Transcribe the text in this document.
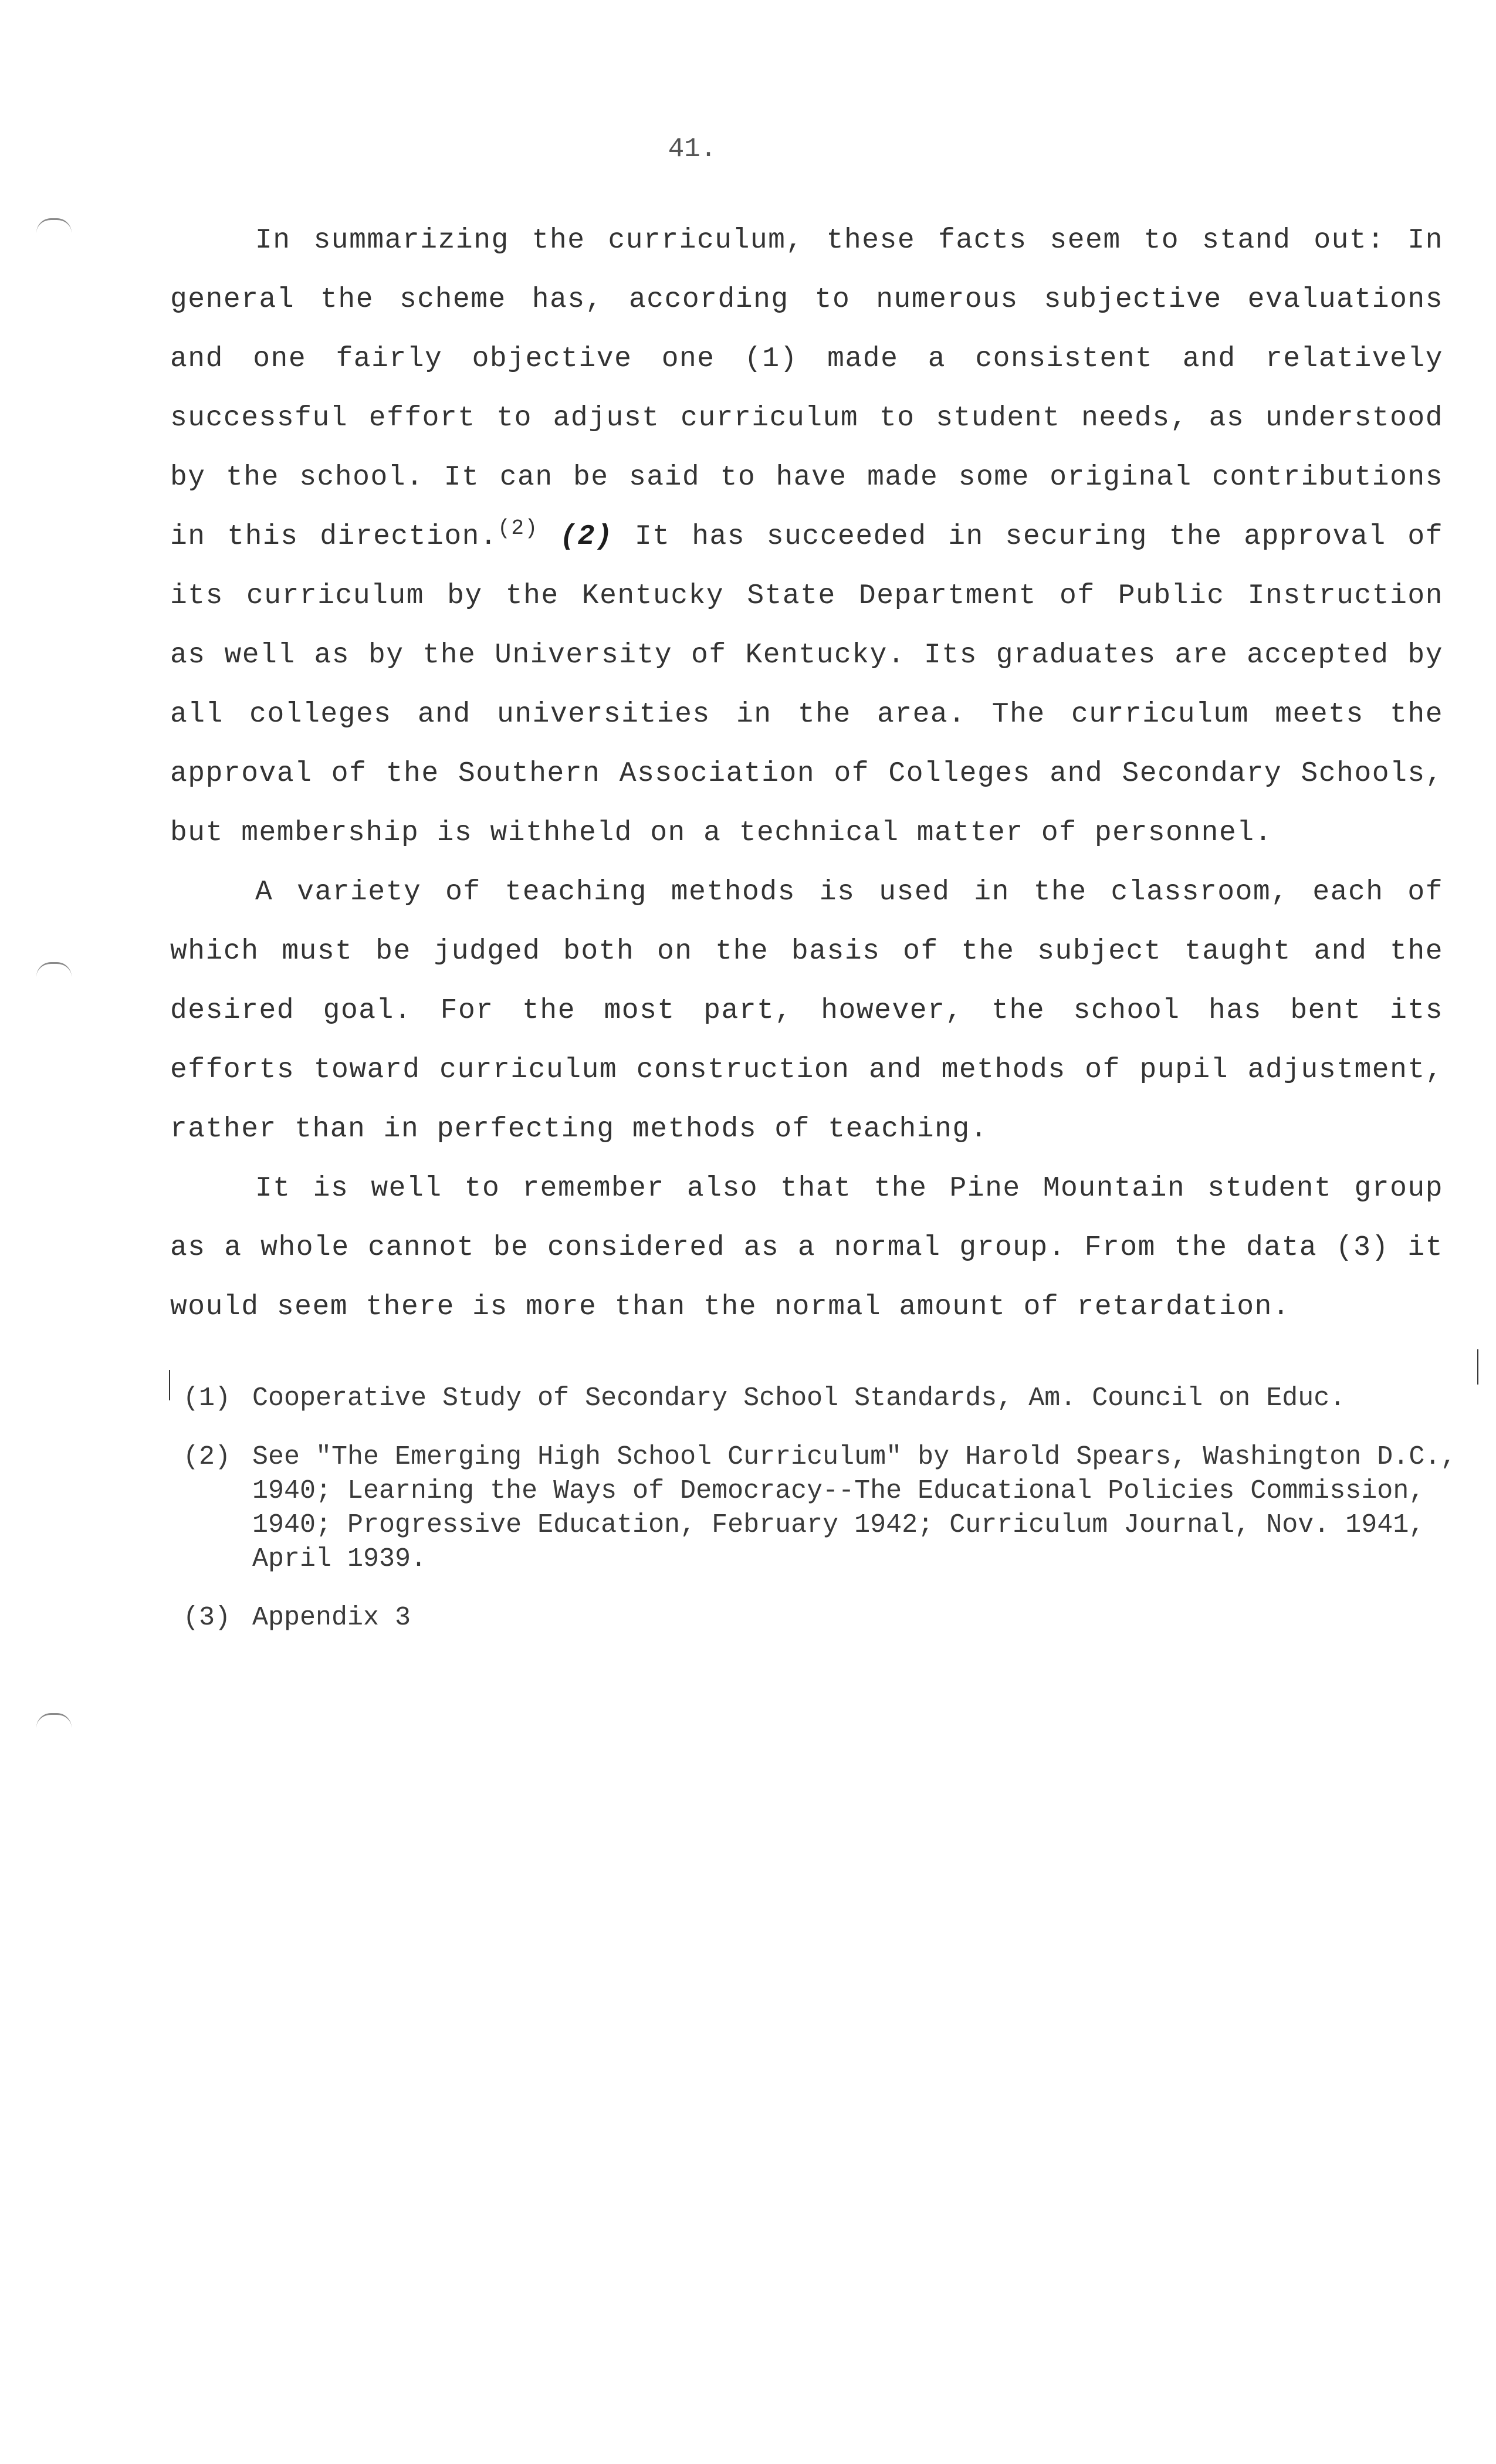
41.

In summarizing the curriculum, these facts seem to stand out: In general the scheme has, according to numerous subjective evaluations and one fairly objective one (1) made a consistent and relatively successful effort to adjust curriculum to student needs, as understood by the school. It can be said to have made some original contributions in this direction.$^{(2)}$ (2) It has succeeded in securing the approval of its curriculum by the Kentucky State Department of Public Instruction as well as by the University of Kentucky. Its graduates are accepted by all colleges and universities in the area. The curriculum meets the approval of the Southern Association of Colleges and Secondary Schools, but membership is withheld on a technical matter of personnel.

A variety of teaching methods is used in the classroom, each of which must be judged both on the basis of the subject taught and the desired goal. For the most part, however, the school has bent its efforts toward curriculum construction and methods of pupil adjustment, rather than in perfecting methods of teaching.

It is well to remember also that the Pine Mountain student group as a whole cannot be considered as a normal group. From the data (3) it would seem there is more than the normal amount of retardation.

(1) Cooperative Study of Secondary School Standards, Am. Council on Educ.
(2) See "The Emerging High School Curriculum" by Harold Spears, Washington D.C., 1940; Learning the Ways of Democracy--The Educational Policies Commission, 1940; Progressive Education, February 1942; Curriculum Journal, Nov. 1941, April 1939.
(3) Appendix 3
